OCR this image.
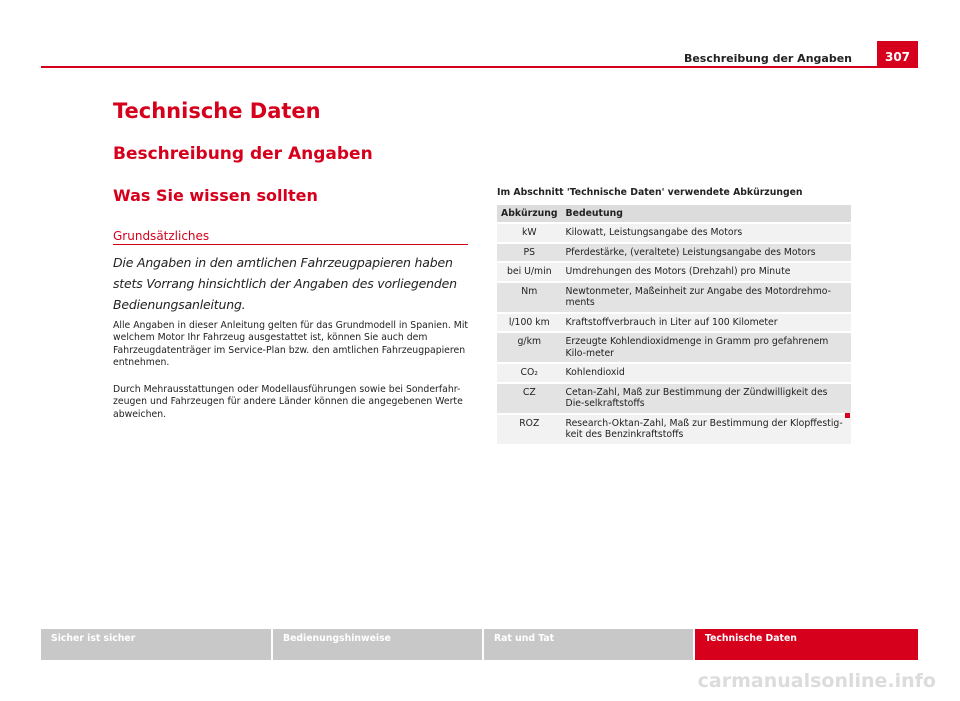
Beschreibung der Angaben	307
Technische Daten
Beschreibung der Angaben
Was Sie wissen sollten
Grundsätzliches
Die Angaben in den amtlichen Fahrzeugpapieren haben stets Vorrang hinsichtlich der Angaben des vorliegenden Bedienungsanleitung.
Alle Angaben in dieser Anleitung gelten für das Grundmodell in Spanien. Mit welchem Motor Ihr Fahrzeug ausgestattet ist, können Sie auch dem Fahrzeugdatenträger im Service-Plan bzw. den amtlichen Fahrzeugpapieren entnehmen.
Durch Mehrausstattungen oder Modellausführungen sowie bei Sonderfahr-zeugen und Fahrzeugen für andere Länder können die angegebenen Werte abweichen.
Im Abschnitt 'Technische Daten' verwendete Abkürzungen
Abkürzung	Bedeutung
kW	Kilowatt, Leistungsangabe des Motors
PS	Pferdestärke, (veraltete) Leistungsangabe des Motors
bei U/min	Umdrehungen des Motors (Drehzahl) pro Minute
Nm	Newtonmeter, Maßeinheit zur Angabe des Motordrehmo-ments
l/100 km	Kraftstoffverbrauch in Liter auf 100 Kilometer
g/km	Erzeugte Kohlendioxidmenge in Gramm pro gefahrenem Kilo-meter
CO₂	Kohlendioxid
CZ	Cetan-Zahl, Maß zur Bestimmung der Zündwilligkeit des Die-selkraftstoffs
ROZ	Research-Oktan-Zahl, Maß zur Bestimmung der Klopffestig-keit des Benzinkraftstoffs
Sicher ist sicher	Bedienungshinweise	Rat und Tat	Technische Daten
carmanualsonline.info
